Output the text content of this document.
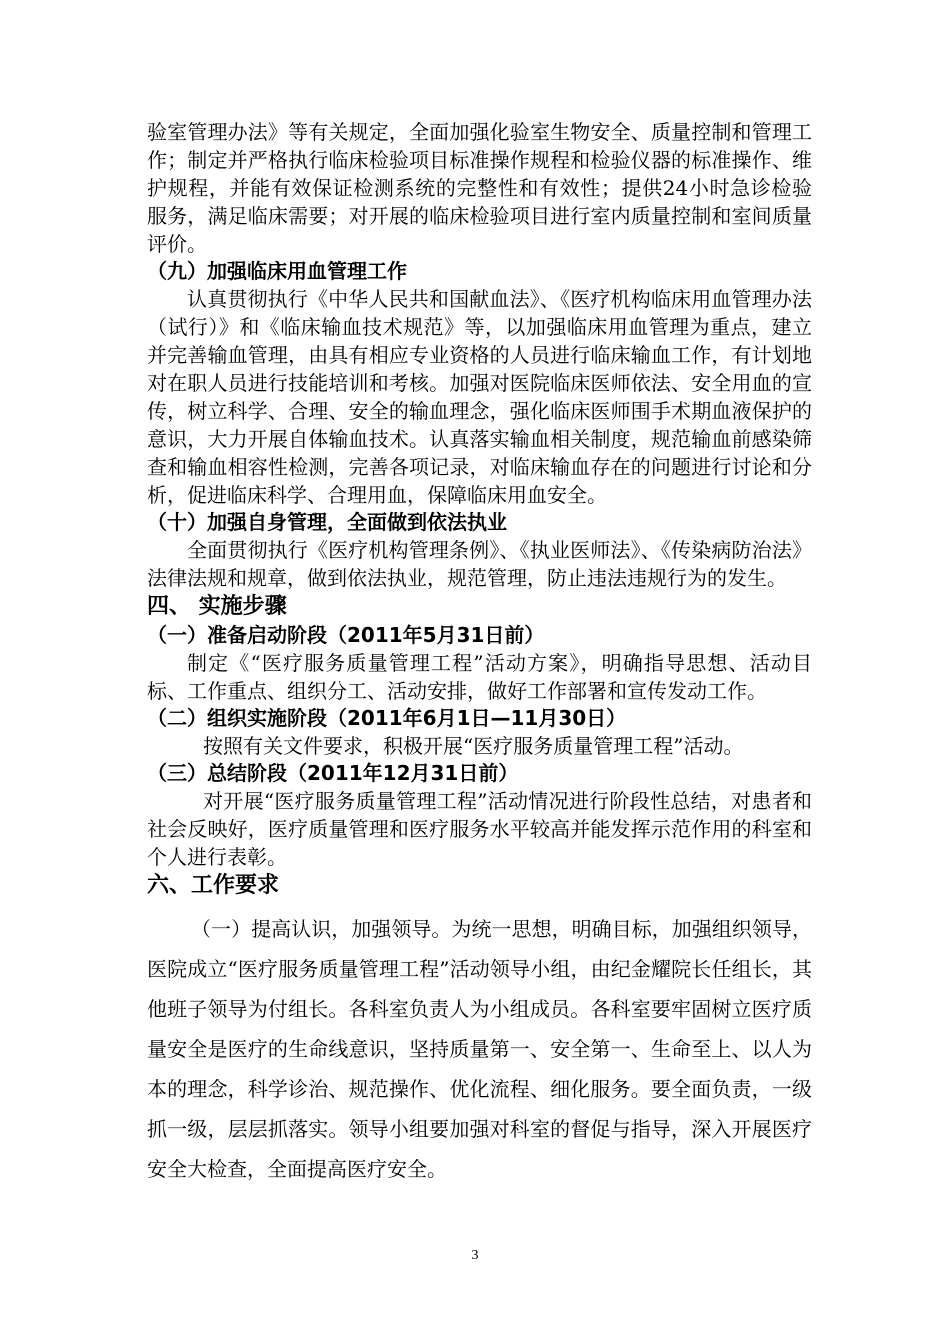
验室管理办法》等有关规定，全面加强化验室生物安全、质量控制和管理工作；制定并严格执行临床检验项目标准操作规程和检验仪器的标准操作、维护规程，并能有效保证检测系统的完整性和有效性；提供24小时急诊检验服务，满足临床需要；对开展的临床检验项目进行室内质量控制和室间质量评价。

（九）加强临床用血管理工作

认真贯彻执行《中华人民共和国献血法》、《医疗机构临床用血管理办法（试行）》和《临床输血技术规范》等，以加强临床用血管理为重点，建立并完善输血管理，由具有相应专业资格的人员进行临床输血工作，有计划地对在职人员进行技能培训和考核。加强对医院临床医师依法、安全用血的宣传，树立科学、合理、安全的输血理念，强化临床医师围手术期血液保护的意识，大力开展自体输血技术。认真落实输血相关制度，规范输血前感染筛查和输血相容性检测，完善各项记录，对临床输血存在的问题进行讨论和分析，促进临床科学、合理用血，保障临床用血安全。

（十）加强自身管理，全面做到依法执业

全面贯彻执行《医疗机构管理条例》、《执业医师法》、《传染病防治法》法律法规和规章，做到依法执业，规范管理，防止违法违规行为的发生。

四、 实施步骤

（一）准备启动阶段（2011年5月31日前）

制定《“医疗服务质量管理工程”活动方案》，明确指导思想、活动目标、工作重点、组织分工、活动安排，做好工作部署和宣传发动工作。

（二）组织实施阶段（2011年6月1日—11月30日）

按照有关文件要求，积极开展“医疗服务质量管理工程”活动。

（三）总结阶段（2011年12月31日前）

对开展“医疗服务质量管理工程”活动情况进行阶段性总结，对患者和社会反映好，医疗质量管理和医疗服务水平较高并能发挥示范作用的科室和个人进行表彰。

六、工作要求

（一）提高认识，加强领导。为统一思想，明确目标，加强组织领导，医院成立“医疗服务质量管理工程”活动领导小组，由纪金耀院长任组长，其他班子领导为付组长。各科室负责人为小组成员。各科室要牢固树立医疗质量安全是医疗的生命线意识，坚持质量第一、安全第一、生命至上、以人为本的理念，科学诊治、规范操作、优化流程、细化服务。要全面负责，一级抓一级，层层抓落实。领导小组要加强对科室的督促与指导，深入开展医疗安全大检查，全面提高医疗安全。

3
